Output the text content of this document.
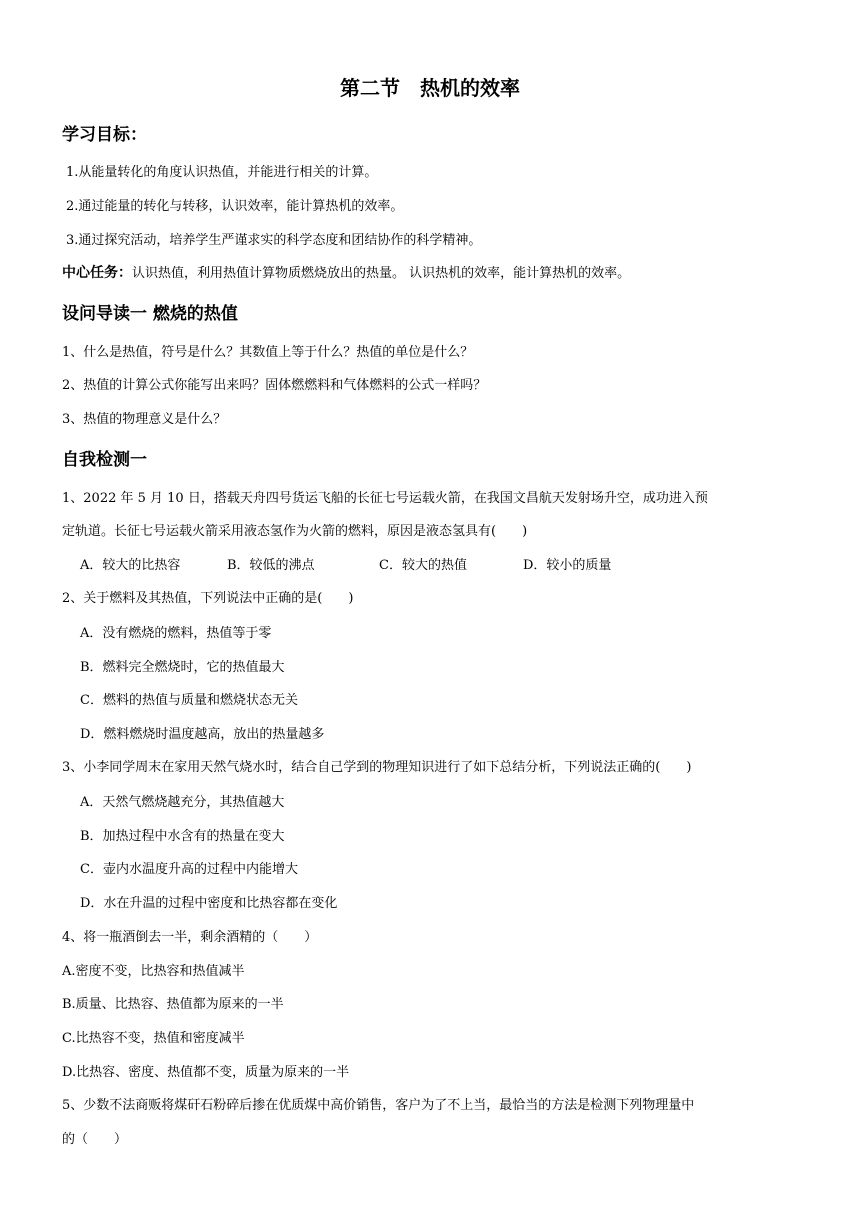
第二节　热机的效率
学习目标：
1.从能量转化的角度认识热值，并能进行相关的计算。
2.通过能量的转化与转移，认识效率，能计算热机的效率。
3.通过探究活动，培养学生严谨求实的科学态度和团结协作的科学精神。
中心任务：认识热值，利用热值计算物质燃烧放出的热量。 认识热机的效率，能计算热机的效率。
设问导读一 燃烧的热值
1、什么是热值，符号是什么？其数值上等于什么？热值的单位是什么？
2、热值的计算公式你能写出来吗？固体燃燃料和气体燃料的公式一样吗？
3、热值的物理意义是什么？
自我检测一
1、2022 年 5 月 10 日，搭载天舟四号货运飞船的长征七号运载火箭，在我国文昌航天发射场升空，成功进入预
定轨道。长征七号运载火箭采用液态氢作为火箭的燃料，原因是液态氢具有(　　)
A．较大的比热容	B．较低的沸点	C．较大的热值	D．较小的质量
2、关于燃料及其热值，下列说法中正确的是(　　)
A．没有燃烧的燃料，热值等于零
B．燃料完全燃烧时，它的热值最大
C．燃料的热值与质量和燃烧状态无关
D．燃料燃烧时温度越高，放出的热量越多
3、小李同学周末在家用天然气烧水时，结合自己学到的物理知识进行了如下总结分析，下列说法正确的(　　)
A．天然气燃烧越充分，其热值越大
B．加热过程中水含有的热量在变大
C．壶内水温度升高的过程中内能增大
D．水在升温的过程中密度和比热容都在变化
4、将一瓶酒倒去一半，剩余酒精的（　　）
A.密度不变，比热容和热值减半
B.质量、比热容、热值都为原来的一半
C.比热容不变，热值和密度减半
D.比热容、密度、热值都不变，质量为原来的一半
5、少数不法商贩将煤矸石粉碎后掺在优质煤中高价销售，客户为了不上当，最恰当的方法是检测下列物理量中
的（　　）
